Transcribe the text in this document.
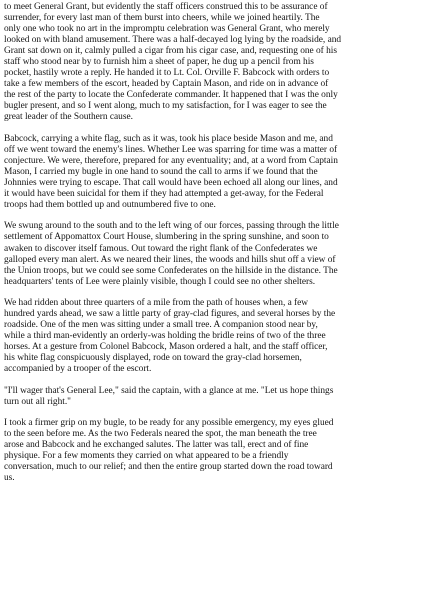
to meet General Grant, but evidently the staff officers construed this to be assurance of
surrender, for every last man of them burst into cheers, while we joined heartily. The
only one who took no art in the impromptu celebration was General Grant, who merely
looked on with bland amusement. There was a half-decayed log lying by the roadside, and
Grant sat down on it, calmly pulled a cigar from his cigar case, and, requesting one of his
staff who stood near by to furnish him a sheet of paper, he dug up a pencil from his
pocket, hastily wrote a reply. He handed it to Lt. Col. Orville F. Babcock with orders to
take a few members of the escort, headed by Captain Mason, and ride on in advance of
the rest of the party to locate the Confederate commander. It happened that I was the only
bugler present, and so I went along, much to my satisfaction, for I was eager to see the
great leader of the Southern cause.

Babcock, carrying a white flag, such as it was, took his place beside Mason and me, and
off we went toward the enemy's lines. Whether Lee was sparring for time was a matter of
conjecture. We were, therefore, prepared for any eventuality; and, at a word from Captain
Mason, I carried my bugle in one hand to sound the call to arms if we found that the
Johnnies were trying to escape. That call would have been echoed all along our lines, and
it would have been suicidal for them if they had attempted a get-away, for the Federal
troops had them bottled up and outnumbered five to one.

We swung around to the south and to the left wing of our forces, passing through the little
settlement of Appomattox Court House, slumbering in the spring sunshine, and soon to
awaken to discover itself famous. Out toward the right flank of the Confederates we
galloped every man alert. As we neared their lines, the woods and hills shut off a view of
the Union troops, but we could see some Confederates on the hillside in the distance. The
headquarters' tents of Lee were plainly visible, though I could see no other shelters.

We had ridden about three quarters of a mile from the path of houses when, a few
hundred yards ahead, we saw a little party of gray-clad figures, and several horses by the
roadside. One of the men was sitting under a small tree. A companion stood near by,
while a third man-evidently an orderly-was holding the bridle reins of two of the three
horses. At a gesture from Colonel Babcock, Mason ordered a halt, and the staff officer,
his white flag conspicuously displayed, rode on toward the gray-clad horsemen,
accompanied by a trooper of the escort.

"I'll wager that's General Lee," said the captain, with a glance at me. "Let us hope things
turn out all right."

I took a firmer grip on my bugle, to be ready for any possible emergency, my eyes glued
to the seen before me. As the two Federals neared the spot, the man beneath the tree
arose and Babcock and he exchanged salutes. The latter was tall, erect and of fine
physique. For a few moments they carried on what appeared to be a friendly
conversation, much to our relief; and then the entire group started down the road toward
us.
